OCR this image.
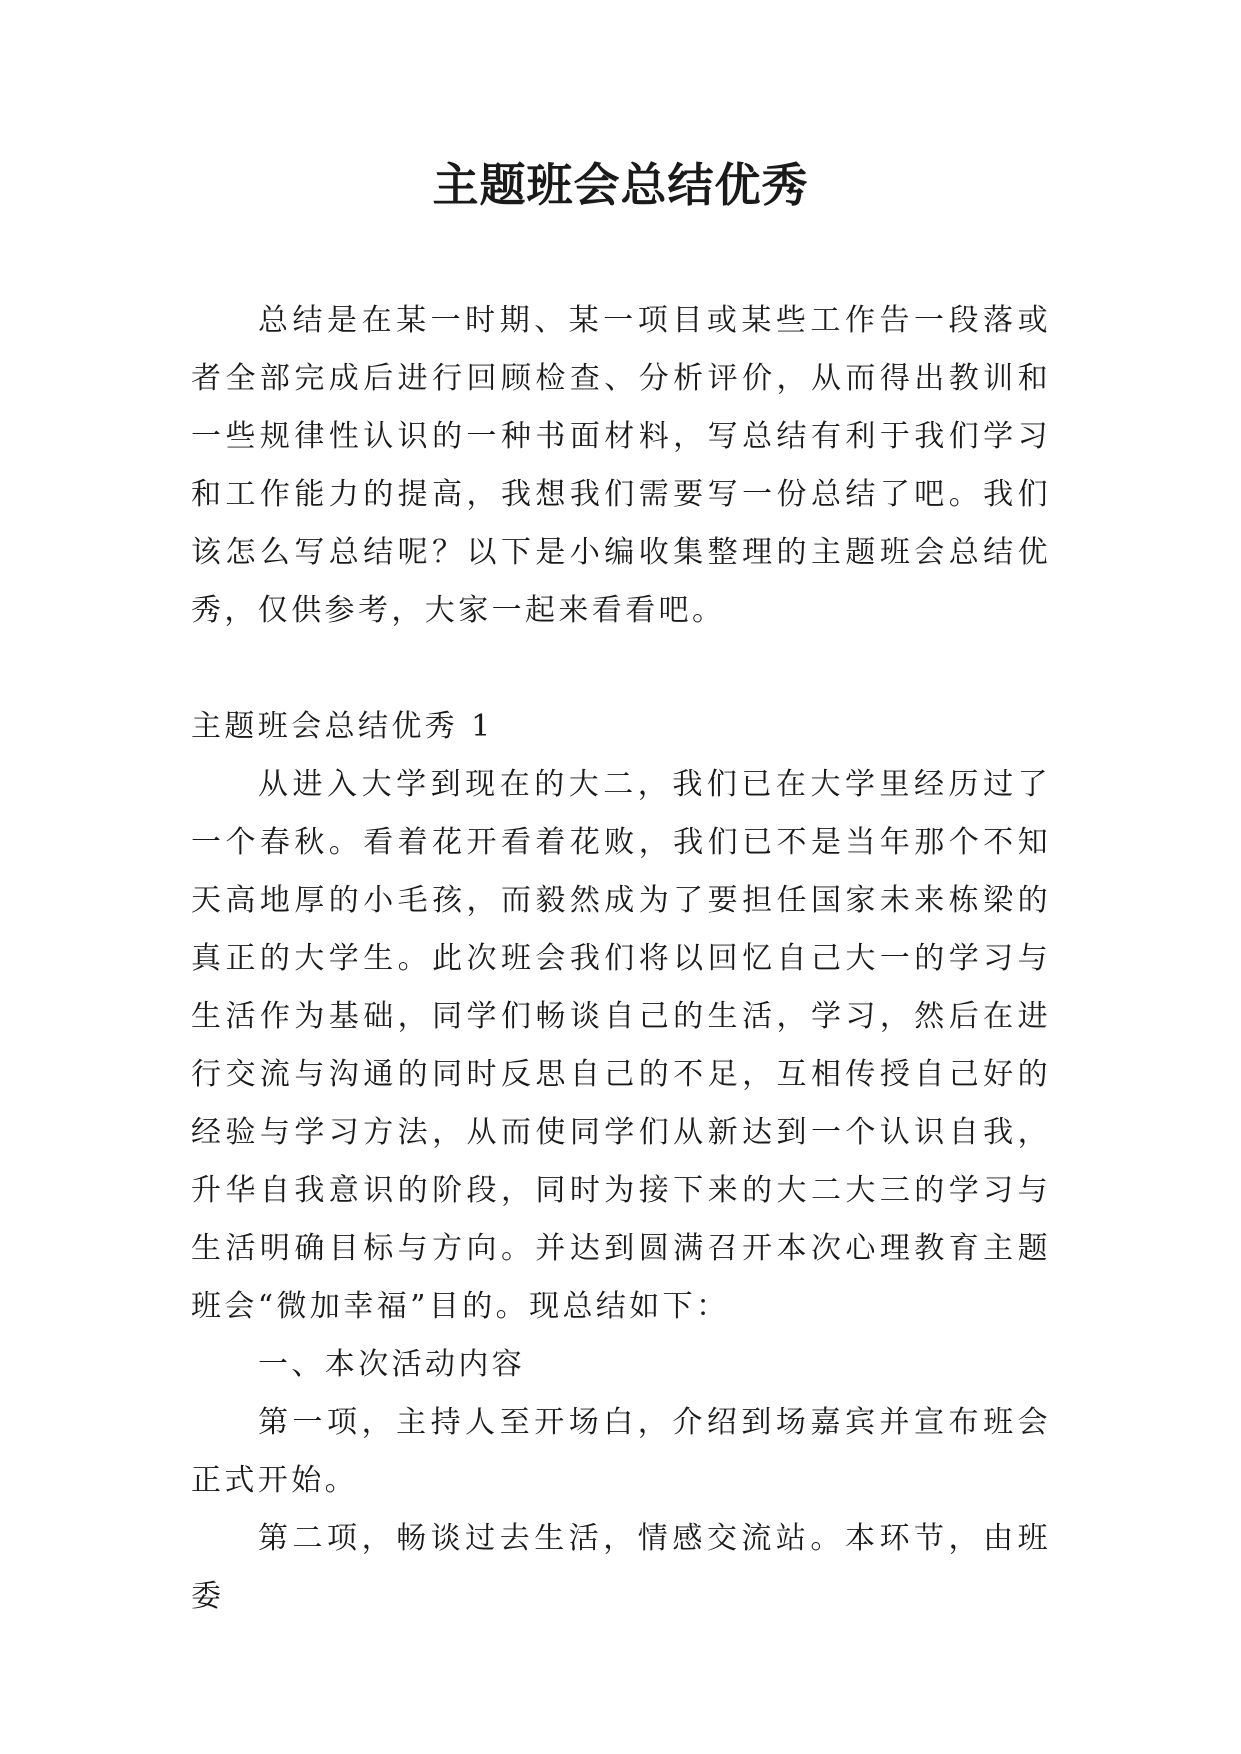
主题班会总结优秀

总结是在某一时期、某一项目或某些工作告一段落或者全部完成后进行回顾检查、分析评价，从而得出教训和一些规律性认识的一种书面材料，写总结有利于我们学习和工作能力的提高，我想我们需要写一份总结了吧。我们该怎么写总结呢？以下是小编收集整理的主题班会总结优秀，仅供参考，大家一起来看看吧。

主题班会总结优秀 1

从进入大学到现在的大二，我们已在大学里经历过了一个春秋。看着花开看着花败，我们已不是当年那个不知天高地厚的小毛孩，而毅然成为了要担任国家未来栋梁的真正的大学生。此次班会我们将以回忆自己大一的学习与生活作为基础，同学们畅谈自己的生活，学习，然后在进行交流与沟通的同时反思自己的不足，互相传授自己好的经验与学习方法，从而使同学们从新达到一个认识自我，升华自我意识的阶段，同时为接下来的大二大三的学习与生活明确目标与方向。并达到圆满召开本次心理教育主题班会“微加幸福”目的。现总结如下：

一、本次活动内容

第一项，主持人至开场白，介绍到场嘉宾并宣布班会正式开始。

第二项，畅谈过去生活，情感交流站。本环节，由班委
